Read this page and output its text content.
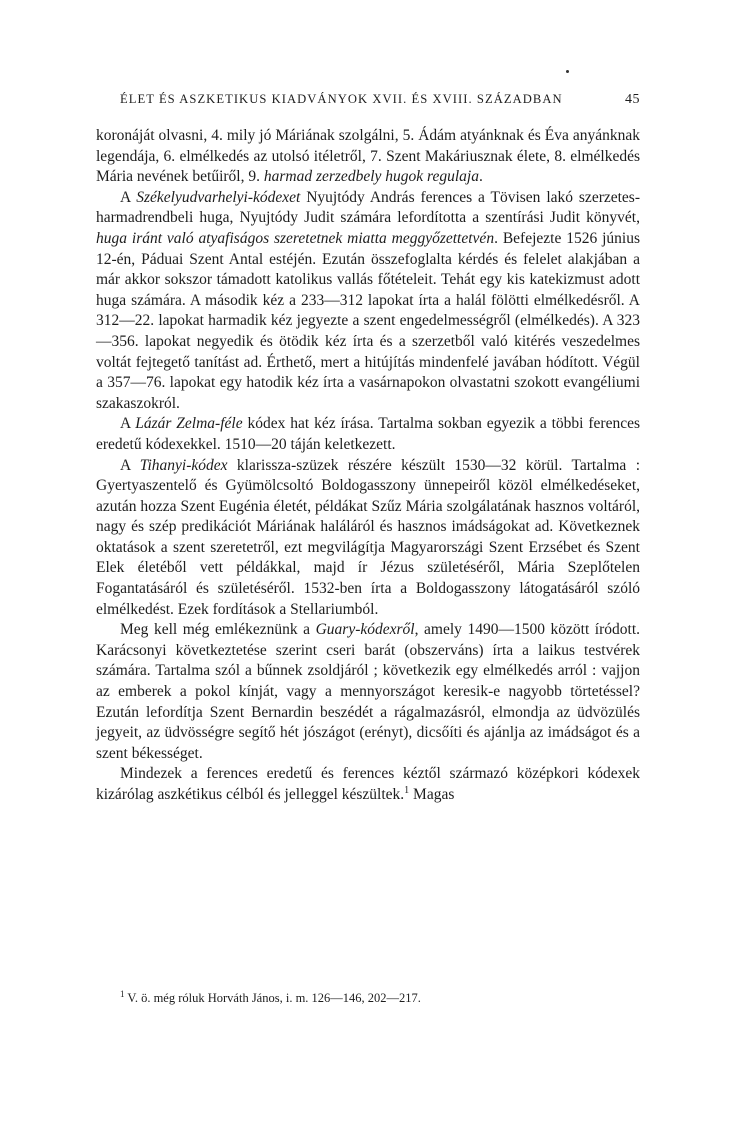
ÉLET ÉS ASZKETIKUS KIADVÁNYOK XVII. ÉS XVIII. SZÁZADBAN	45

koronáját olvasni, 4. mily jó Máriának szolgálni, 5. Ádám atyánknak és Éva anyánknak legendája, 6. elmélkedés az utolsó itéletről, 7. Szent Makáriusznak élete, 8. elmélkedés Mária nevének betűiről, 9. harmad zerzedbely hugok regulaja.

A Székelyudvarhelyi-kódexet Nyujtódy András ferences a Tövisen lakó szerzetes-harmadrendbeli huga, Nyujtódy Judit számára lefordította a szentírási Judit könyvét, huga iránt való atyafiságos szeretetnek miatta meggyőzettetvén. Befejezte 1526 június 12-én, Páduai Szent Antal estéjén. Ezután összefoglalta kérdés és felelet alakjában a már akkor sokszor támadott katolikus vallás főtételeit. Tehát egy kis katekizmust adott huga számára. A második kéz a 233—312 lapokat írta a halál fölötti elmélkedésről. A 312—22. lapokat harmadik kéz jegyezte a szent engedelmességről (elmélkedés). A 323—356. lapokat negyedik és ötödik kéz írta és a szerzetből való kitérés veszedelmes voltát fejtegető tanítást ad. Érthető, mert a hitújítás mindenfelé javában hódított. Végül a 357—76. lapokat egy hatodik kéz írta a vasárnapokon olvastatni szokott evangéliumi szakaszokról.

A Lázár Zelma-féle kódex hat kéz írása. Tartalma sokban egyezik a többi ferences eredetű kódexekkel. 1510—20 táján keletkezett.

A Tihanyi-kódex klarissza-szüzek részére készült 1530—32 körül. Tartalma : Gyertyaszentelő és Gyümölcsoltó Boldogasszony ünnepeiről közöl elmélkedéseket, azután hozza Szent Eugénia életét, példákat Szűz Mária szolgálatának hasznos voltáról, nagy és szép predikációt Máriának haláláról és hasznos imádságokat ad. Következnek oktatások a szent szeretetről, ezt megvilágítja Magyarországi Szent Erzsébet és Szent Elek életéből vett példákkal, majd ír Jézus születéséről, Mária Szeplőtelen Fogantatásáról és születéséről. 1532-ben írta a Boldogasszony látogatásáról szóló elmélkedést. Ezek fordítások a Stellariumból.

Meg kell még emlékeznünk a Guary-kódexről, amely 1490—1500 között íródott. Karácsonyi következtetése szerint cseri barát (obszerváns) írta a laikus testvérek számára. Tartalma szól a bűnnek zsoldjáról ; következik egy elmélkedés arról : vajjon az emberek a pokol kínját, vagy a mennyországot keresik-e nagyobb törtetéssel? Ezután lefordítja Szent Bernardin beszédét a rágalmazásról, elmondja az üdvözülés jegyeit, az üdvösségre segítő hét jószágot (erényt), dicsőíti és ajánlja az imádságot és a szent békességet.

Mindezek a ferences eredetű és ferences kéztől származó középkori kódexek kizárólag aszkétikus célból és jelleggel készültek.$^1$ Magas

$^1$ V. ö. még róluk Horváth János, i. m. 126—146, 202—217.
